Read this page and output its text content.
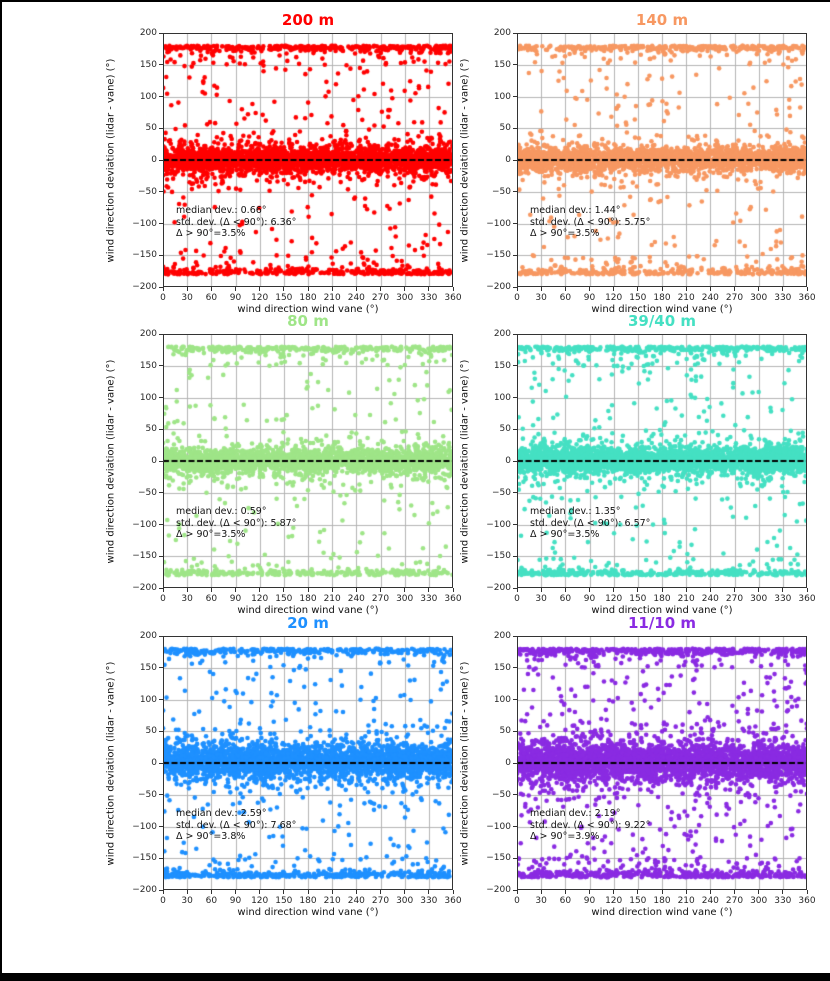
200 m
0	30	60	90	120 150 180 210 240 270 300 330 360
−200
−150
−100
−50
0
50
100
150
200
wind direction wind vane (°)
wind direction deviation (lidar - vane) (°)	median dev.: 0.66°
std. dev. (Δ < 90°): 6.36°
Δ > 90°=3.5%
140 m
0	30	60	90	120 150 180 210 240 270 300 330 360
−200
−150
−100
−50
0
50
100
150
200
wind direction wind vane (°)
wind direction deviation (lidar - vane) (°)	median dev.: 1.44°
std. dev. (Δ < 90°): 5.75°
Δ > 90°=3.5%
80 m
0	30	60	90	120 150 180 210 240 270 300 330 360
−200
−150
−100
−50
0
50
100
150
200
wind direction wind vane (°)
wind direction deviation (lidar - vane) (°)	median dev.: 0.59°
std. dev. (Δ < 90°): 5.87°
Δ > 90°=3.5%
39/40 m
0	30	60	90	120 150 180 210 240 270 300 330 360
−200
−150
−100
−50
0
50
100
150
200
wind direction wind vane (°)
wind direction deviation (lidar - vane) (°)	median dev.: 1.35°
std. dev. (Δ < 90°): 6.57°
Δ > 90°=3.5%
20 m
0	30	60	90	120 150 180 210 240 270 300 330 360
−200
−150
−100
−50
0
50
100
150
200
wind direction wind vane (°)
wind direction deviation (lidar - vane) (°)	median dev.: 2.59°
std. dev. (Δ < 90°): 7.68°
Δ > 90°=3.8%
11/10 m
0	30	60	90	120 150 180 210 240 270 300 330 360
−200
−150
−100
−50
0
50
100
150
200
wind direction wind vane (°)
wind direction deviation (lidar - vane) (°)	median dev.: 2.19°
std. dev. (Δ < 90°): 9.22°
Δ > 90°=3.9%
